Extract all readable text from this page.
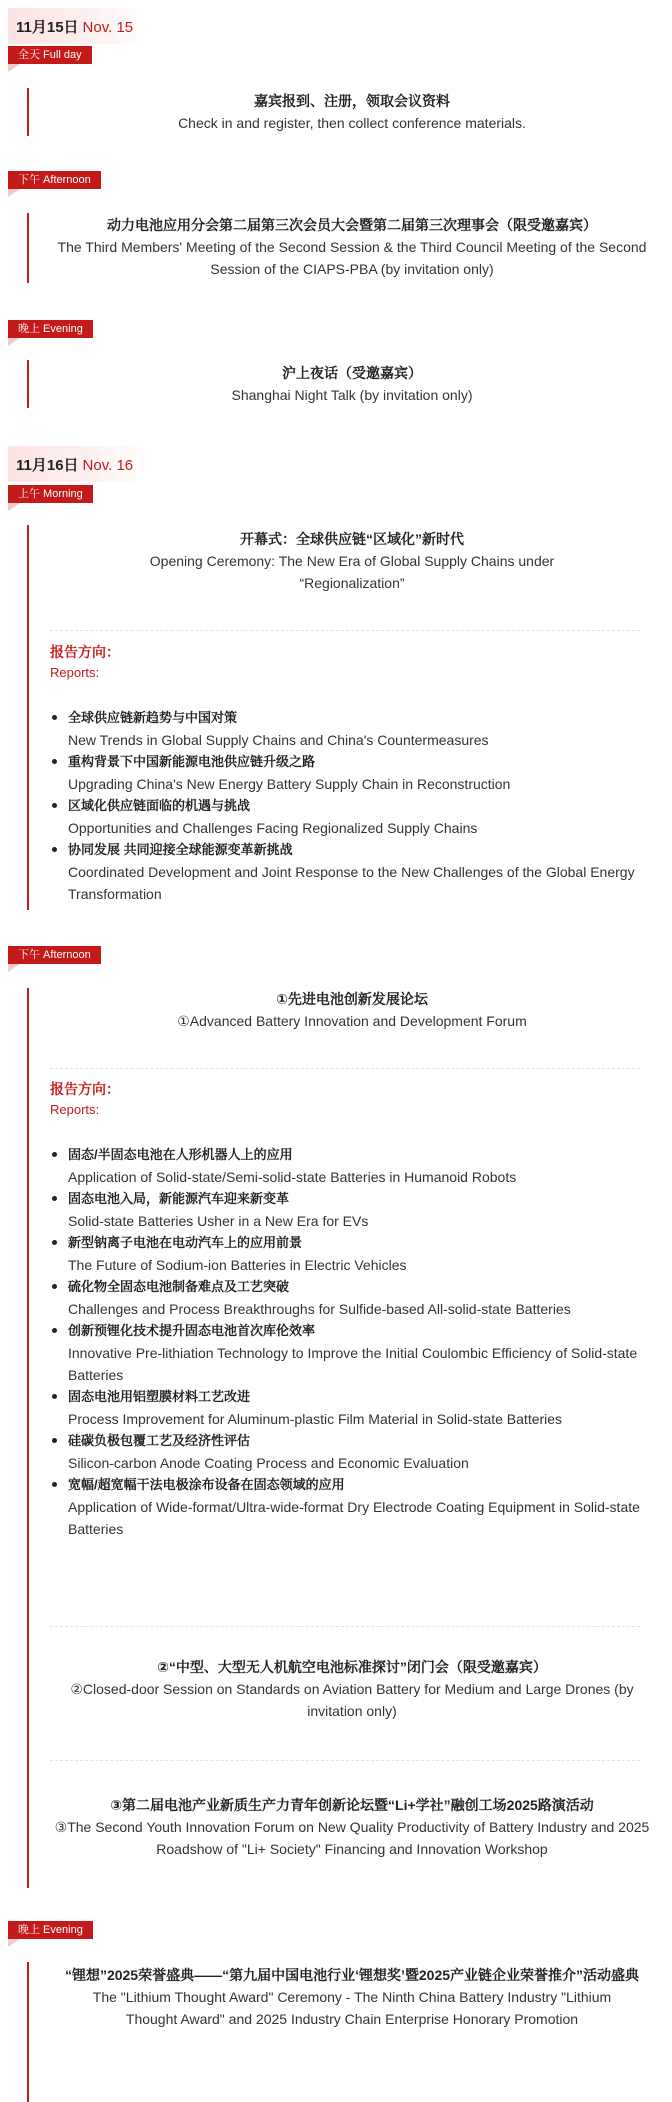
11月15日 Nov. 15
全天 Full day
嘉宾报到、注册，领取会议资料
Check in and register, then collect conference materials.
下午 Afternoon
动力电池应用分会第二届第三次会员大会暨第二届第三次理事会（限受邀嘉宾）
The Third Members' Meeting of the Second Session & the Third Council Meeting of the Second Session of the CIAPS-PBA (by invitation only)
晚上 Evening
沪上夜话（受邀嘉宾）
Shanghai Night Talk (by invitation only)
11月16日 Nov. 16
上午 Morning
开幕式：全球供应链“区域化”新时代
Opening Ceremony: The New Era of Global Supply Chains under “Regionalization”
报告方向：
Reports:
全球供应链新趋势与中国对策
New Trends in Global Supply Chains and China's Countermeasures
重构背景下中国新能源电池供应链升级之路
Upgrading China's New Energy Battery Supply Chain in Reconstruction
区域化供应链面临的机遇与挑战
Opportunities and Challenges Facing Regionalized Supply Chains
协同发展 共同迎接全球能源变革新挑战
Coordinated Development and Joint Response to the New Challenges of the Global Energy Transformation
下午 Afternoon
①先进电池创新发展论坛
①Advanced Battery Innovation and Development Forum
报告方向：
Reports:
固态/半固态电池在人形机器人上的应用
Application of Solid-state/Semi-solid-state Batteries in Humanoid Robots
固态电池入局，新能源汽车迎来新变革
Solid-state Batteries Usher in a New Era for EVs
新型钠离子电池在电动汽车上的应用前景
The Future of Sodium-ion Batteries in Electric Vehicles
硫化物全固态电池制备难点及工艺突破
Challenges and Process Breakthroughs for Sulfide-based All-solid-state Batteries
创新预锂化技术提升固态电池首次库伦效率
Innovative Pre-lithiation Technology to Improve the Initial Coulombic Efficiency of Solid-state Batteries
固态电池用铝塑膜材料工艺改进
Process Improvement for Aluminum-plastic Film Material in Solid-state Batteries
硅碳负极包覆工艺及经济性评估
Silicon-carbon Anode Coating Process and Economic Evaluation
宽幅/超宽幅干法电极涂布设备在固态领域的应用
Application of Wide-format/Ultra-wide-format Dry Electrode Coating Equipment in Solid-state Batteries
②“中型、大型无人机航空电池标准探讨”闭门会（限受邀嘉宾）
②Closed-door Session on Standards on Aviation Battery for Medium and Large Drones (by invitation only)
③第二届电池产业新质生产力青年创新论坛暨“Li+学社”融创工场2025路演活动
③The Second Youth Innovation Forum on New Quality Productivity of Battery Industry and 2025 Roadshow of "Li+ Society" Financing and Innovation Workshop
晚上 Evening
“锂想”2025荣誉盛典——“第九届中国电池行业‘锂想奖’暨2025产业链企业荣誉推介”活动盛典
The "Lithium Thought Award" Ceremony - The Ninth China Battery Industry "Lithium Thought Award" and 2025 Industry Chain Enterprise Honorary Promotion
